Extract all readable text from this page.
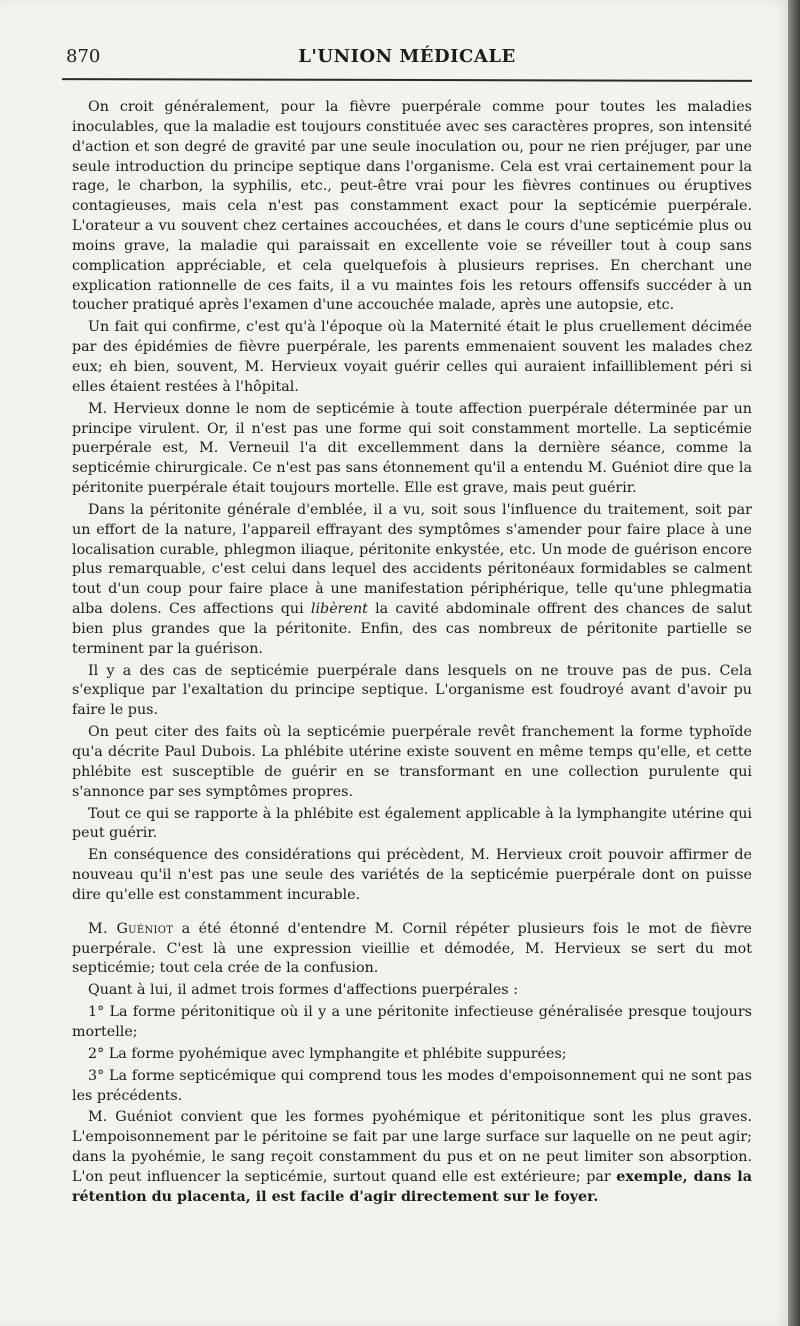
870	L'UNION MÉDICALE

On croit généralement, pour la fièvre puerpérale comme pour toutes les maladies inoculables, que la maladie est toujours constituée avec ses caractères propres, son intensité d'action et son degré de gravité par une seule inoculation ou, pour ne rien préjuger, par une seule introduction du principe septique dans l'organisme. Cela est vrai certainement pour la rage, le charbon, la syphilis, etc., peut-être vrai pour les fièvres continues ou éruptives contagieuses, mais cela n'est pas constamment exact pour la septicémie puerpérale. L'orateur a vu souvent chez certaines accouchées, et dans le cours d'une septicémie plus ou moins grave, la maladie qui paraissait en excellente voie se réveiller tout à coup sans complication appréciable, et cela quelquefois à plusieurs reprises. En cherchant une explication rationnelle de ces faits, il a vu maintes fois les retours offensifs succéder à un toucher pratiqué après l'examen d'une accouchée malade, après une autopsie, etc.

Un fait qui confirme, c'est qu'à l'époque où la Maternité était le plus cruellement décimée par des épidémies de fièvre puerpérale, les parents emmenaient souvent les malades chez eux; eh bien, souvent, M. Hervieux voyait guérir celles qui auraient infailliblement péri si elles étaient restées à l'hôpital.

M. Hervieux donne le nom de septicémie à toute affection puerpérale déterminée par un principe virulent. Or, il n'est pas une forme qui soit constamment mortelle. La septicémie puerpérale est, M. Verneuil l'a dit excellemment dans la dernière séance, comme la septicémie chirurgicale. Ce n'est pas sans étonnement qu'il a entendu M. Guéniot dire que la péritonite puerpérale était toujours mortelle. Elle est grave, mais peut guérir.

Dans la péritonite générale d'emblée, il a vu, soit sous l'influence du traitement, soit par un effort de la nature, l'appareil effrayant des symptômes s'amender pour faire place à une localisation curable, phlegmon iliaque, péritonite enkystée, etc. Un mode de guérison encore plus remarquable, c'est celui dans lequel des accidents péritonéaux formidables se calment tout d'un coup pour faire place à une manifestation périphérique, telle qu'une phlegmatia alba dolens. Ces affections qui libèrent la cavité abdominale offrent des chances de salut bien plus grandes que la péritonite. Enfin, des cas nombreux de péritonite partielle se terminent par la guérison.

Il y a des cas de septicémie puerpérale dans lesquels on ne trouve pas de pus. Cela s'explique par l'exaltation du principe septique. L'organisme est foudroyé avant d'avoir pu faire le pus.

On peut citer des faits où la septicémie puerpérale revêt franchement la forme typhoïde qu'a décrite Paul Dubois. La phlébite utérine existe souvent en même temps qu'elle, et cette phlébite est susceptible de guérir en se transformant en une collection purulente qui s'annonce par ses symptômes propres.

Tout ce qui se rapporte à la phlébite est également applicable à la lymphangite utérine qui peut guérir.

En conséquence des considérations qui précèdent, M. Hervieux croit pouvoir affirmer de nouveau qu'il n'est pas une seule des variétés de la septicémie puerpérale dont on puisse dire qu'elle est constamment incurable.

M. Guéniot a été étonné d'entendre M. Cornil répéter plusieurs fois le mot de fièvre puerpérale. C'est là une expression vieillie et démodée, M. Hervieux se sert du mot septicémie; tout cela crée de la confusion.

Quant à lui, il admet trois formes d'affections puerpérales :

1° La forme péritonitique où il y a une péritonite infectieuse généralisée presque toujours mortelle;

2° La forme pyohémique avec lymphangite et phlébite suppurées;

3° La forme septicémique qui comprend tous les modes d'empoisonnement qui ne sont pas les précédents.

M. Guéniot convient que les formes pyohémique et péritonitique sont les plus graves. L'empoisonnement par le péritoine se fait par une large surface sur laquelle on ne peut agir; dans la pyohémie, le sang reçoit constamment du pus et on ne peut limiter son absorption. L'on peut influencer la septicémie, surtout quand elle est extérieure; par exemple, dans la rétention du placenta, il est facile d'agir directement sur le foyer.
